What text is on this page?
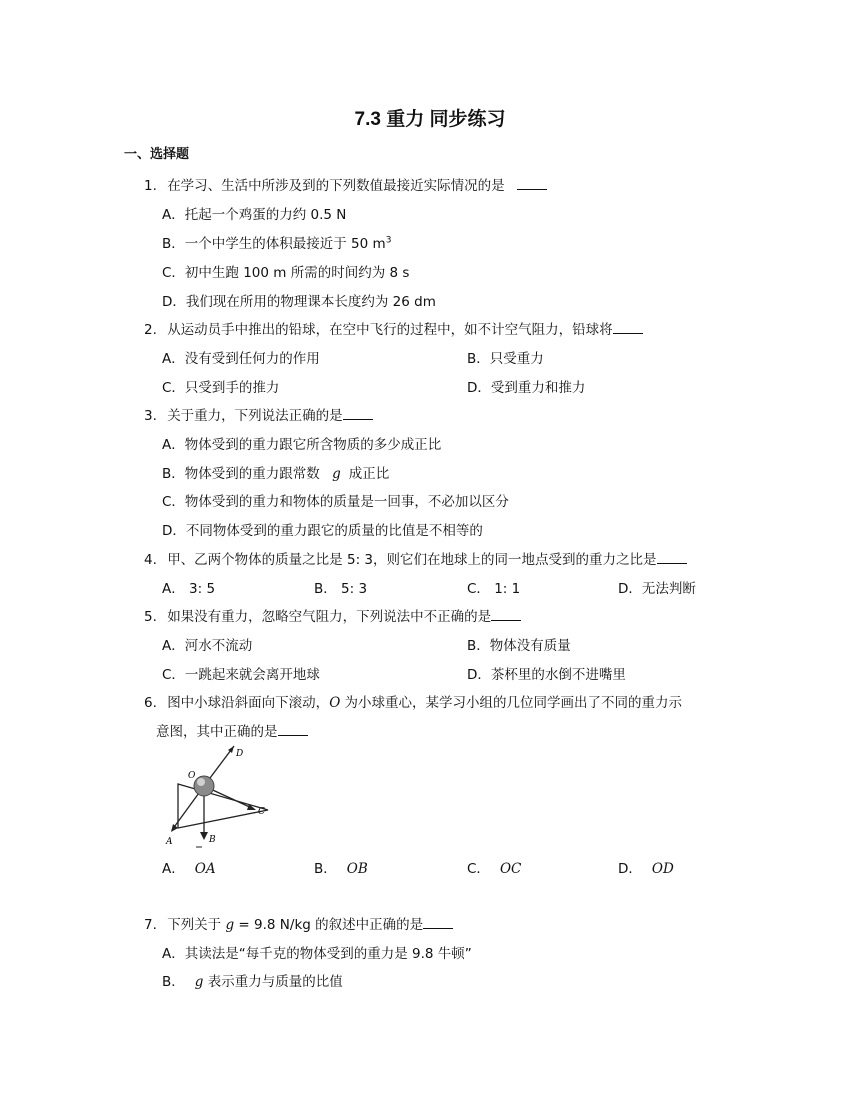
7.3 重力 同步练习
一、选择题
1. 在学习、生活中所涉及到的下列数值最接近实际情况的是
A．托起一个鸡蛋的力约 0.5 N
B．一个中学生的体积最接近于 50 $m^3$
C．初中生跑 100 m 所需的时间约为 8 s
D．我们现在所用的物理课本长度约为 26 dm
2. 从运动员手中推出的铅球，在空中飞行的过程中，如不计空气阻力，铅球将
A．没有受到任何力的作用	B．只受重力
C．只受到手的推力	D．受到重力和推力
3. 关于重力，下列说法正确的是
A．物体受到的重力跟它所含物质的多少成正比
B．物体受到的重力跟常数 g 成正比
C．物体受到的重力和物体的质量是一回事，不必加以区分
D．不同物体受到的重力跟它的质量的比值是不相等的
4. 甲、乙两个物体的质量之比是 5: 3，则它们在地球上的同一地点受到的重力之比是
A． 3: 5	B． 5: 3	C． 1: 1	D．无法判断
5. 如果没有重力，忽略空气阻力，下列说法中不正确的是
A．河水不流动	B．物体没有质量
C．一跳起来就会离开地球	D．茶杯里的水倒不进嘴里
6. 图中小球沿斜面向下滚动，O 为小球重心，某学习小组的几位同学画出了不同的重力示
意图，其中正确的是
O
D
C
A	B
A． OA	B． OB	C． OC	D． OD
7. 下列关于 g = 9.8 N/kg 的叙述中正确的是
A．其读法是“每千克的物体受到的重力是 9.8 牛顿”
B． g 表示重力与质量的比值
